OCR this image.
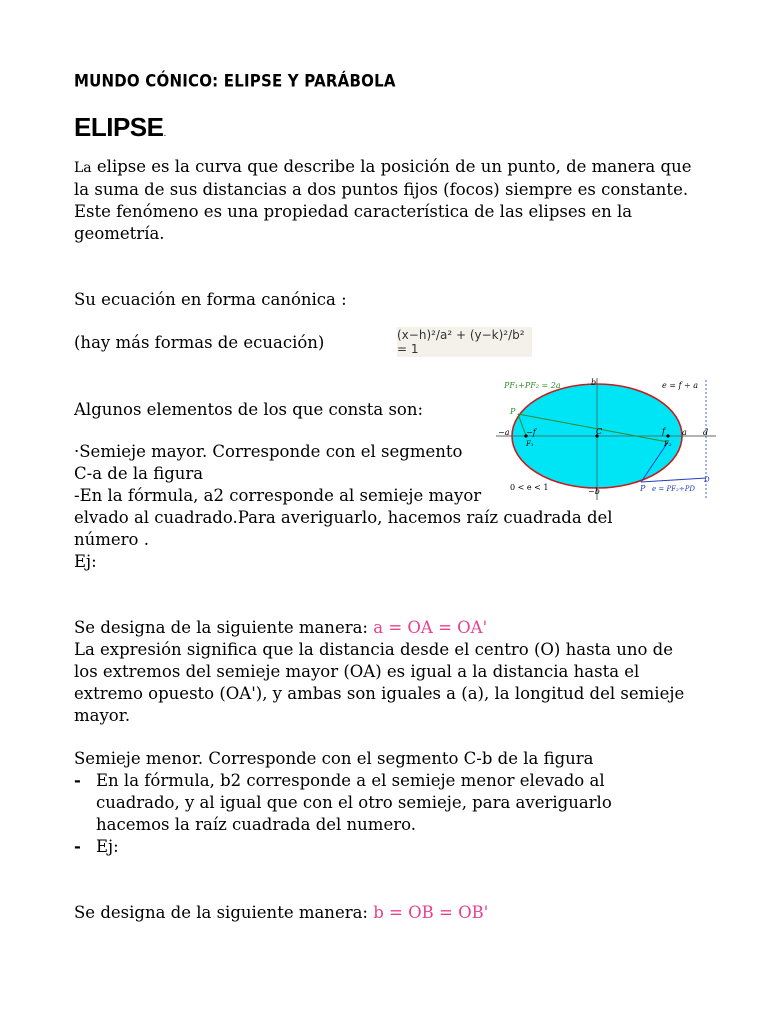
MUNDO CÓNICO: ELIPSE Y PARÁBOLA
ELIPSE.
La elipse es la curva que describe la posición de un punto, de manera que
la suma de sus distancias a dos puntos fijos (focos) siempre es constante.
Este fenómeno es una propiedad característica de las elipses en la
geometría.
Su ecuación en forma canónica :
(hay más formas de ecuación)	(x−h)²/a² + (y−k)²/b² = 1
Algunos elementos de los que consta son:
·Semieje mayor. Corresponde con el segmento
C-a de la figura
-En la fórmula, a2 corresponde al semieje mayor
elvado al cuadrado.Para averiguarlo, hacemos raíz cuadrada del
número .
Ej:
Se designa de la siguiente manera: a = OA = OA'
La expresión significa que la distancia desde el centro (O) hasta uno de
los extremos del semieje mayor (OA) es igual a la distancia hasta el
extremo opuesto (OA'), y ambas son iguales a (a), la longitud del semieje
mayor.
Semieje menor. Corresponde con el segmento C-b de la figura
- En la fórmula, b2 corresponde a el semieje menor elevado al
cuadrado, y al igual que con el otro semieje, para averiguarlo
hacemos la raíz cuadrada del numero.
- Ej:
Se designa de la siguiente manera: b = OB = OB'
PF₁+PF₂ = 2a	e = f ÷ a
b
−b
−a −f	C	f a d
F₁	F₂
P
P
D
0 < e < 1	e = PF₂÷PD
